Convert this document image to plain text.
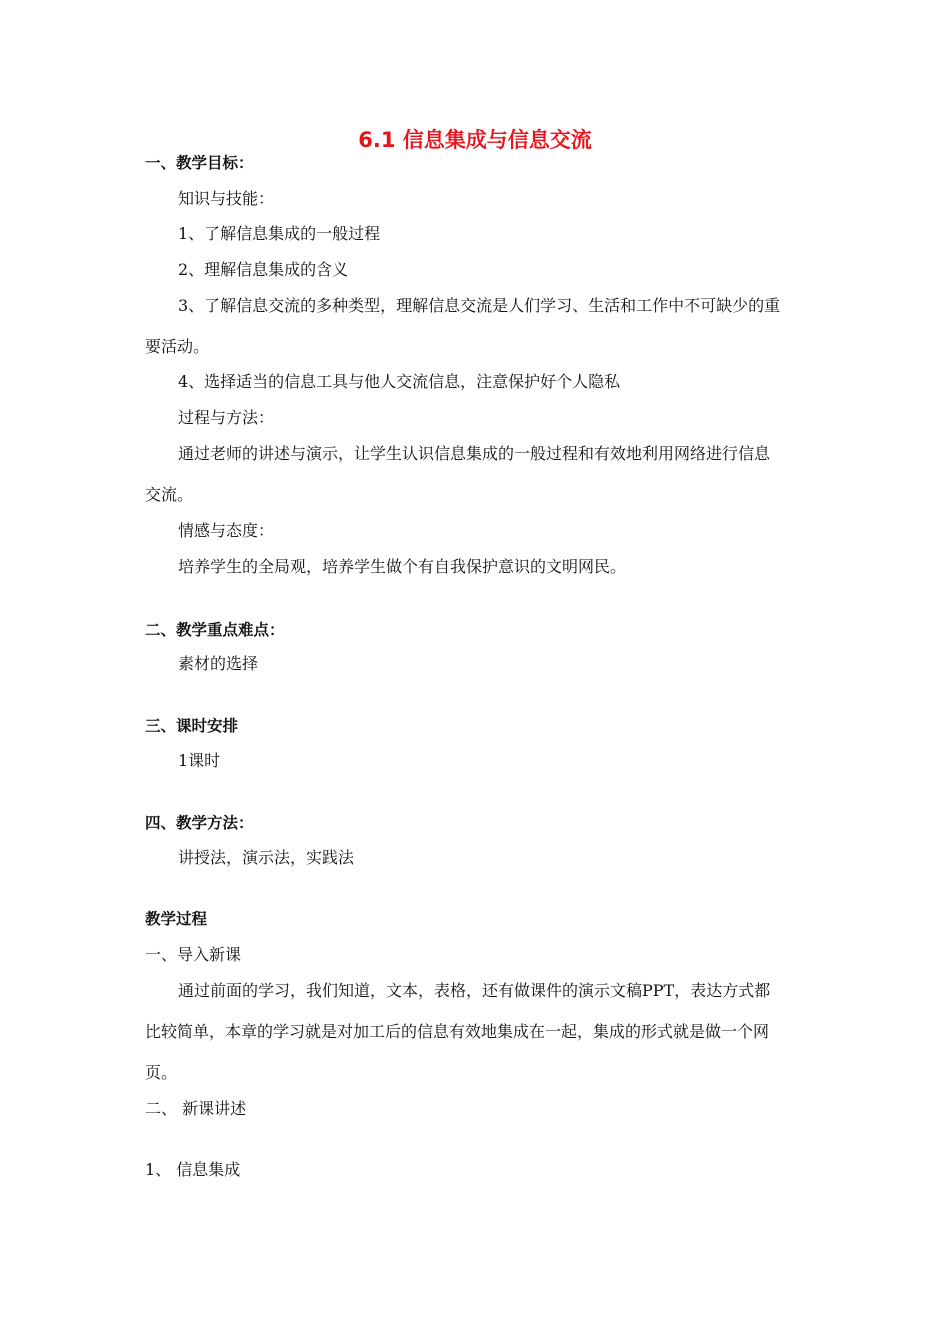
6.1 信息集成与信息交流
一、教学目标：
知识与技能：
1、了解信息集成的一般过程
2、理解信息集成的含义
3、了解信息交流的多种类型，理解信息交流是人们学习、生活和工作中不可缺少的重
要活动。
4、选择适当的信息工具与他人交流信息，注意保护好个人隐私
过程与方法：
通过老师的讲述与演示，让学生认识信息集成的一般过程和有效地利用网络进行信息
交流。
情感与态度：
培养学生的全局观，培养学生做个有自我保护意识的文明网民。
二、教学重点难点：
素材的选择
三、课时安排
1课时
四、教学方法：
讲授法，演示法，实践法
教学过程
一、导入新课
通过前面的学习，我们知道，文本，表格，还有做课件的演示文稿PPT，表达方式都
比较简单，本章的学习就是对加工后的信息有效地集成在一起，集成的形式就是做一个网
页。
二、 新课讲述
1、 信息集成
